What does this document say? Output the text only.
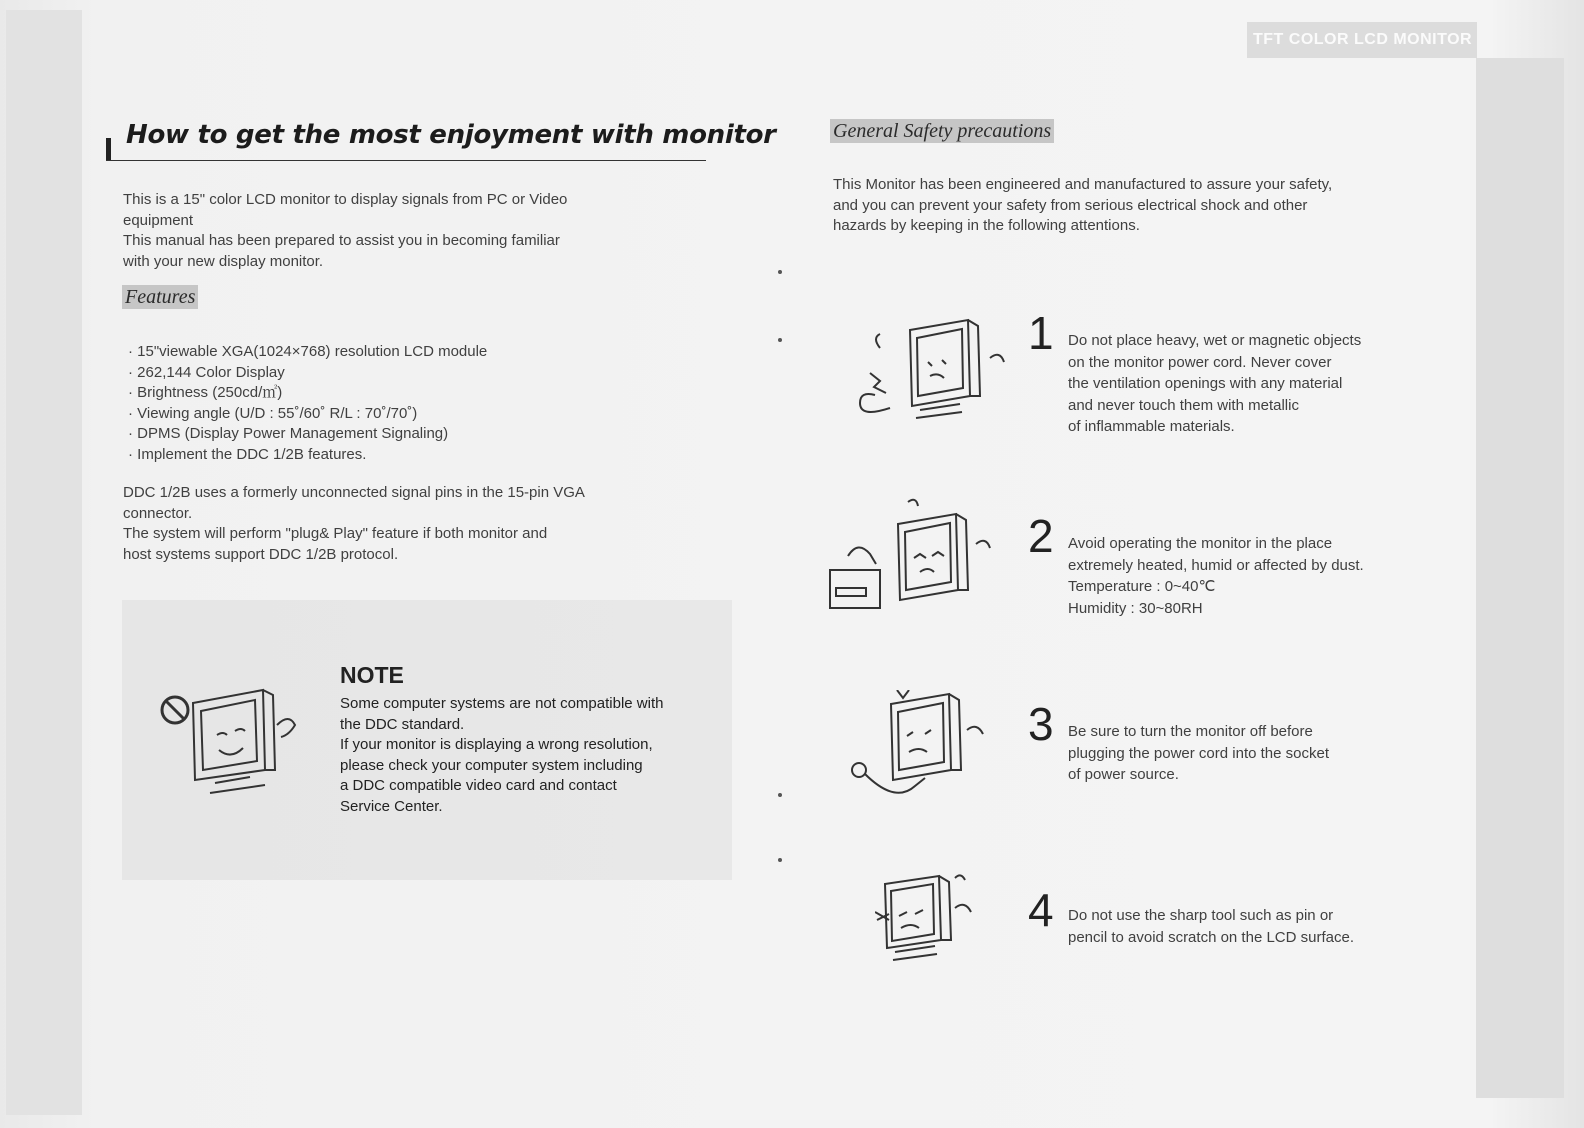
TFT COLOR LCD MONITOR
How to get the most enjoyment with monitor
This is a 15" color LCD monitor to display signals from PC or Video
equipment
This manual has been prepared to assist you in becoming familiar
with your new display monitor.
Features
· 15"viewable XGA(1024×768) resolution LCD module
· 262,144 Color Display
· Brightness (250cd/㎡)
· Viewing angle (U/D : 55˚/60˚ R/L : 70˚/70˚)
· DPMS (Display Power Management Signaling)
· Implement the DDC 1/2B features.
DDC 1/2B uses a formerly unconnected signal pins in the 15-pin VGA
connector.
The system will perform "plug& Play" feature if both monitor and
host systems support DDC 1/2B protocol.
NOTE
Some computer systems are not compatible with
the DDC standard.
If your monitor is displaying a wrong resolution,
please check your computer system including
a DDC compatible video card and contact
Service Center.
General Safety precautions
This Monitor has been engineered and manufactured to assure your safety,
and you can prevent your safety from serious electrical shock and other
hazards by keeping in the following attentions.
1 Do not place heavy, wet or magnetic objects
on the monitor power cord. Never cover
the ventilation openings with any material
and never touch them with metallic
of inflammable materials.
2 Avoid operating the monitor in the place
extremely heated, humid or affected by dust.
Temperature : 0~40℃
Humidity : 30~80RH
3 Be sure to turn the monitor off before
plugging the power cord into the socket
of power source.
4 Do not use the sharp tool such as pin or
pencil to avoid scratch on the LCD surface.
